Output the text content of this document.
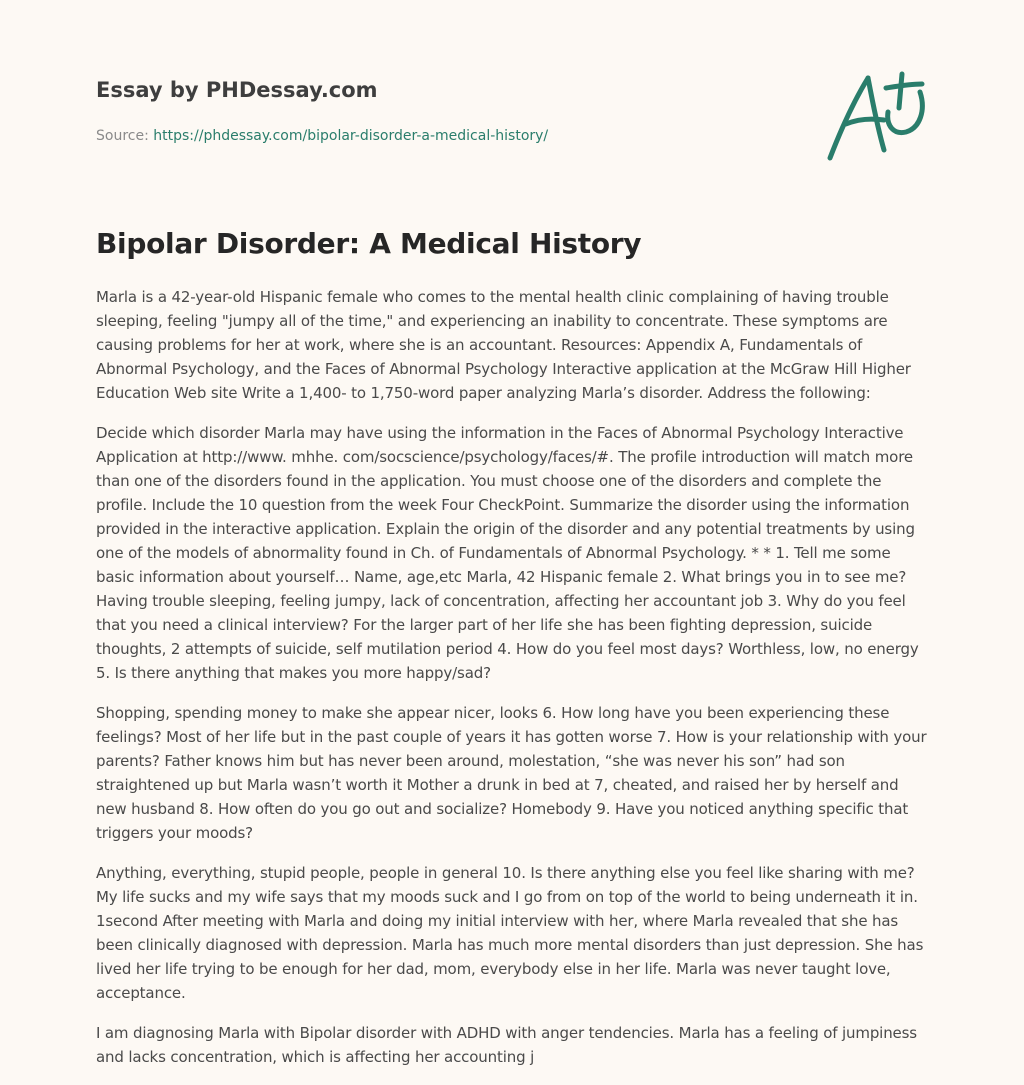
Essay by PHDessay.com
Source: https://phdessay.com/bipolar-disorder-a-medical-history/
Bipolar Disorder: A Medical History

Marla is a 42-year-old Hispanic female who comes to the mental health clinic complaining of having trouble sleeping, feeling "jumpy all of the time," and experiencing an inability to concentrate. These symptoms are causing problems for her at work, where she is an accountant. Resources: Appendix A, Fundamentals of Abnormal Psychology, and the Faces of Abnormal Psychology Interactive application at the McGraw Hill Higher Education Web site Write a 1,400- to 1,750-word paper analyzing Marla’s disorder. Address the following:

Decide which disorder Marla may have using the information in the Faces of Abnormal Psychology Interactive Application at http://www. mhhe. com/socscience/psychology/faces/#. The profile introduction will match more than one of the disorders found in the application. You must choose one of the disorders and complete the profile. Include the 10 question from the week Four CheckPoint. Summarize the disorder using the information provided in the interactive application. Explain the origin of the disorder and any potential treatments by using one of the models of abnormality found in Ch. of Fundamentals of Abnormal Psychology. * * 1. Tell me some basic information about yourself… Name, age,etc Marla, 42 Hispanic female 2. What brings you in to see me? Having trouble sleeping, feeling jumpy, lack of concentration, affecting her accountant job 3. Why do you feel that you need a clinical interview? For the larger part of her life she has been fighting depression, suicide thoughts, 2 attempts of suicide, self mutilation period 4. How do you feel most days? Worthless, low, no energy 5. Is there anything that makes you more happy/sad?

Shopping, spending money to make she appear nicer, looks 6. How long have you been experiencing these feelings? Most of her life but in the past couple of years it has gotten worse 7. How is your relationship with your parents? Father knows him but has never been around, molestation, “she was never his son” had son straightened up but Marla wasn’t worth it Mother a drunk in bed at 7, cheated, and raised her by herself and new husband 8. How often do you go out and socialize? Homebody 9. Have you noticed anything specific that triggers your moods?

Anything, everything, stupid people, people in general 10. Is there anything else you feel like sharing with me? My life sucks and my wife says that my moods suck and I go from on top of the world to being underneath it in. 1second After meeting with Marla and doing my initial interview with her, where Marla revealed that she has been clinically diagnosed with depression. Marla has much more mental disorders than just depression. She has lived her life trying to be enough for her dad, mom, everybody else in her life. Marla was never taught love, acceptance.

I am diagnosing Marla with Bipolar disorder with ADHD with anger tendencies. Marla has a feeling of jumpiness and lacks concentration, which is affecting her accounting j
